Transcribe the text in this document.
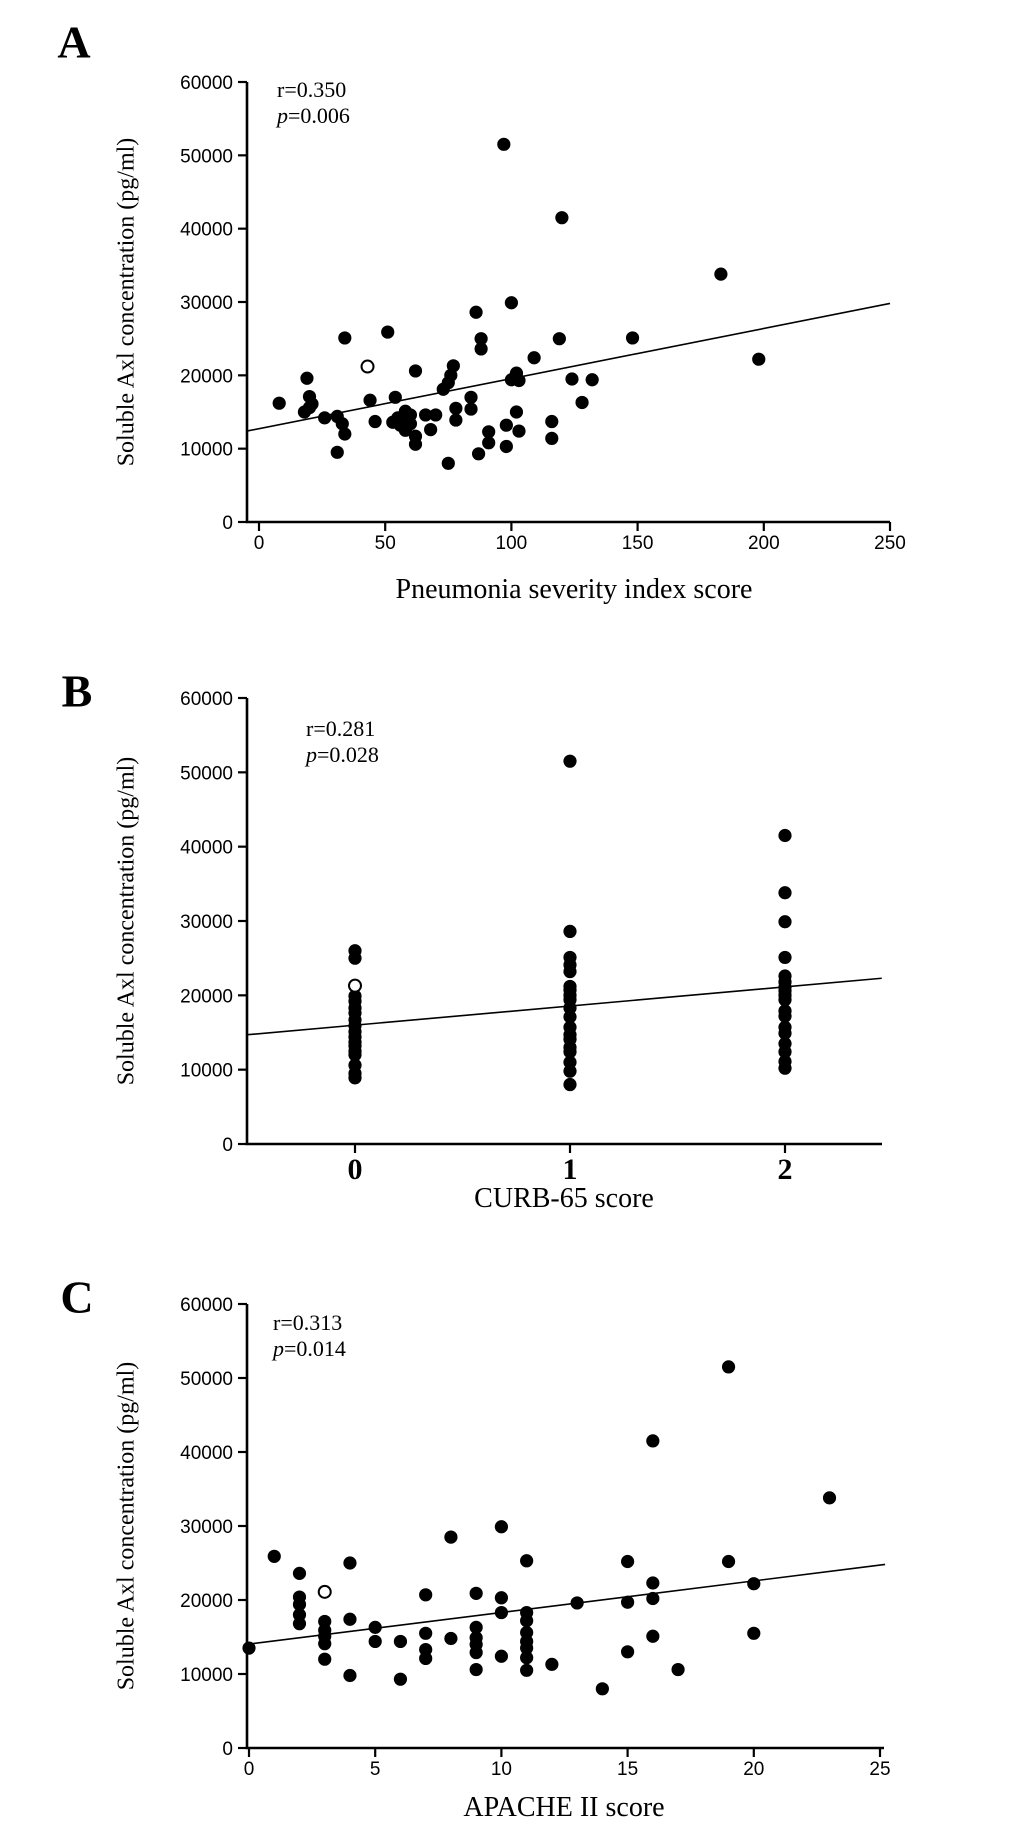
0
10000
20000
30000
40000
50000
60000
0	50	100	150	200	250
0
10000
20000
30000
40000
50000
60000
0	1	2
0
10000
20000
30000
40000
50000
60000
0	5	10	15	20	25
A
r=0.350
p=0.006
Soluble Axl concentration (pg/ml)
Pneumonia severity index score
B
r=0.281
p=0.028
Soluble Axl concentration (pg/ml)
CURB-65 score
C	r=0.313
p=0.014
Soluble Axl concentration (pg/ml)
APACHE II score
